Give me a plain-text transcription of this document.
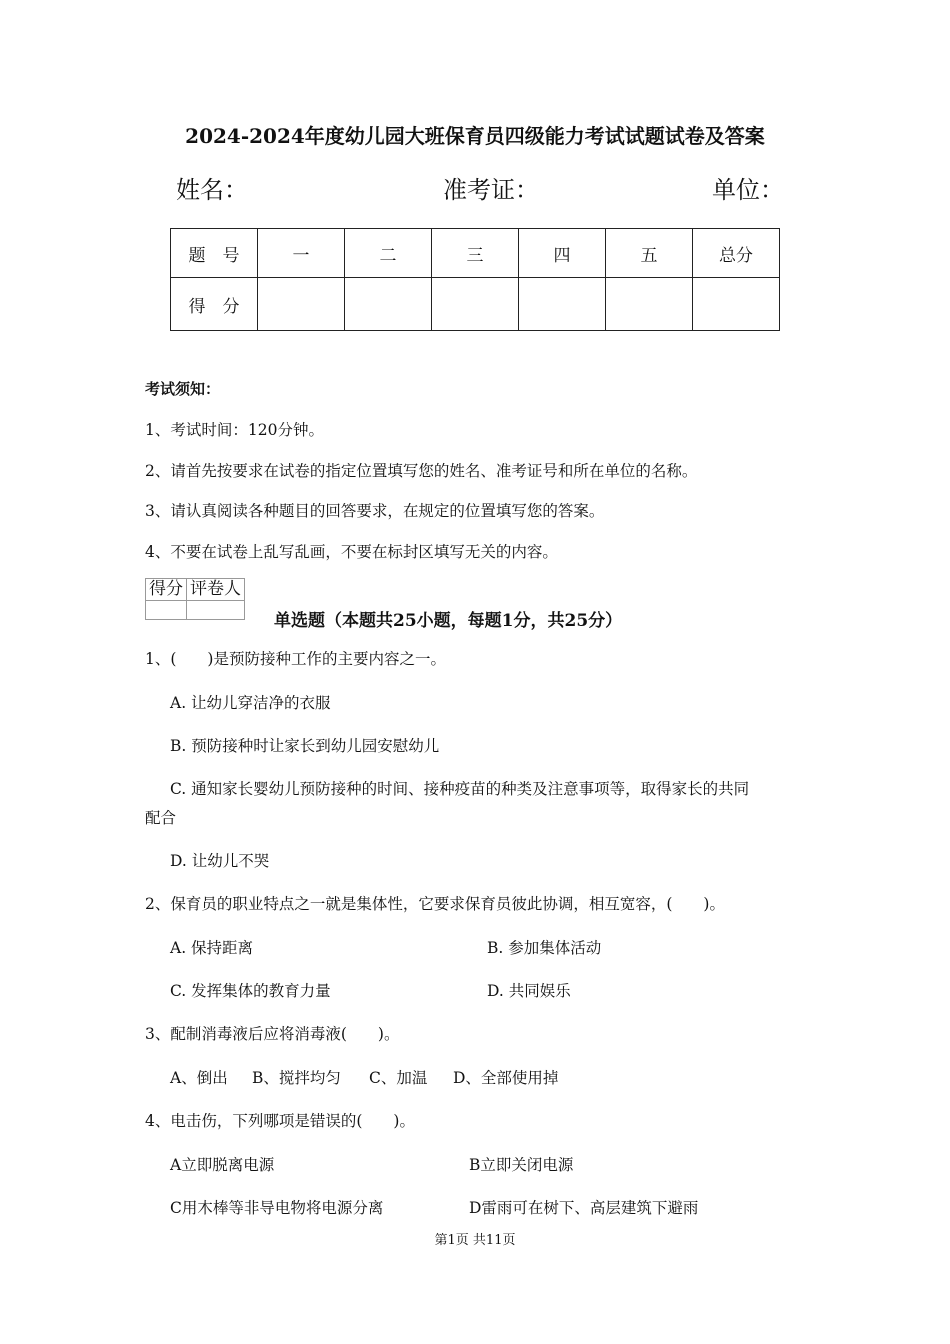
2024-2024年度幼儿园大班保育员四级能力考试试题试卷及答案
姓名：	准考证：	单位：
题　号	一	二	三	四	五	总分
得　分						
考试须知：
1、考试时间：120分钟。
2、请首先按要求在试卷的指定位置填写您的姓名、准考证号和所在单位的名称。
3、请认真阅读各种题目的回答要求，在规定的位置填写您的答案。
4、不要在试卷上乱写乱画，不要在标封区填写无关的内容。
得分	评卷人

单选题（本题共25小题，每题1分，共25分）
1、(　　)是预防接种工作的主要内容之一。
A. 让幼儿穿洁净的衣服
B. 预防接种时让家长到幼儿园安慰幼儿
C. 通知家长婴幼儿预防接种的时间、接种疫苗的种类及注意事项等，取得家长的共同
配合
D. 让幼儿不哭
2、保育员的职业特点之一就是集体性，它要求保育员彼此协调，相互宽容，(　　)。
A. 保持距离	B. 参加集体活动
C. 发挥集体的教育力量	D. 共同娱乐
3、配制消毒液后应将消毒液(　　)。
A、倒出 B、搅拌均匀 C、加温 D、全部使用掉
4、电击伤，下列哪项是错误的(　　)。
A立即脱离电源	B立即关闭电源
C用木棒等非导电物将电源分离	D雷雨可在树下、高层建筑下避雨
第1页 共11页
